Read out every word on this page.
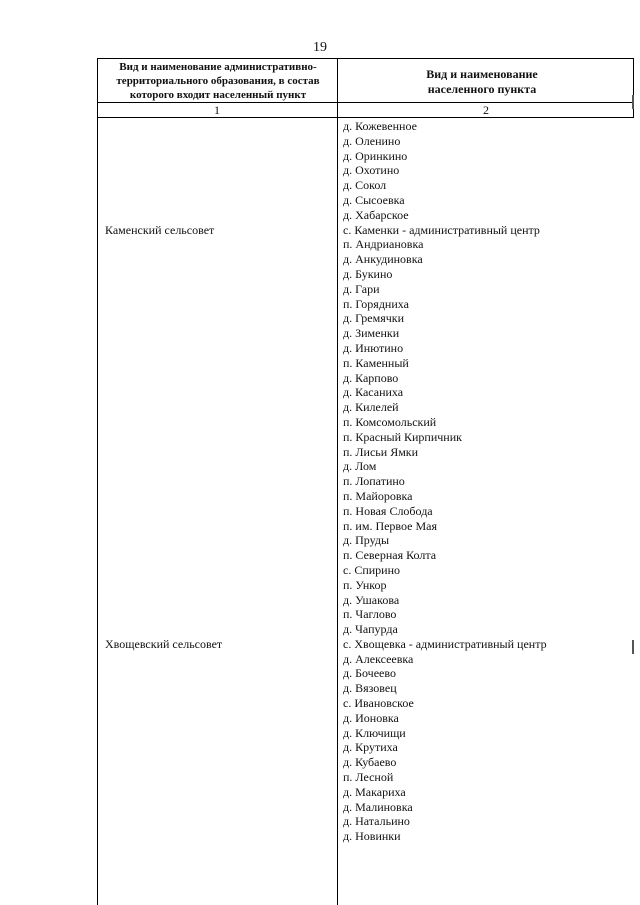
19
Вид и наименование административно-территориального образования, в состав которого входит населенный пункт
Вид и наименование населенного пункта
1	2
Каменский сельсовет
Хвощевский сельсовет
д. Кожевенное
д. Оленино
д. Оринкино
д. Охотино
д. Сокол
д. Сысоевка
д. Хабарское
с. Каменки - административный центр
п. Андриановка
д. Анкудиновка
д. Букино
д. Гари
п. Горядниха
д. Гремячки
д. Зименки
д. Инютино
п. Каменный
д. Карпово
д. Касаниха
д. Килелей
п. Комсомольский
п. Красный Кирпичник
п. Лисьи Ямки
д. Лом
п. Лопатино
п. Майоровка
п. Новая Слобода
п. им. Первое Мая
д. Пруды
п. Северная Колта
с. Спирино
п. Ункор
д. Ушакова
п. Чаглово
д. Чапурда
с. Хвощевка - административный центр
д. Алексеевка
д. Бочеево
д. Вязовец
с. Ивановское
д. Ионовка
д. Ключищи
д. Крутиха
д. Кубаево
п. Лесной
д. Макариха
д. Малиновка
д. Натальино
д. Новинки
